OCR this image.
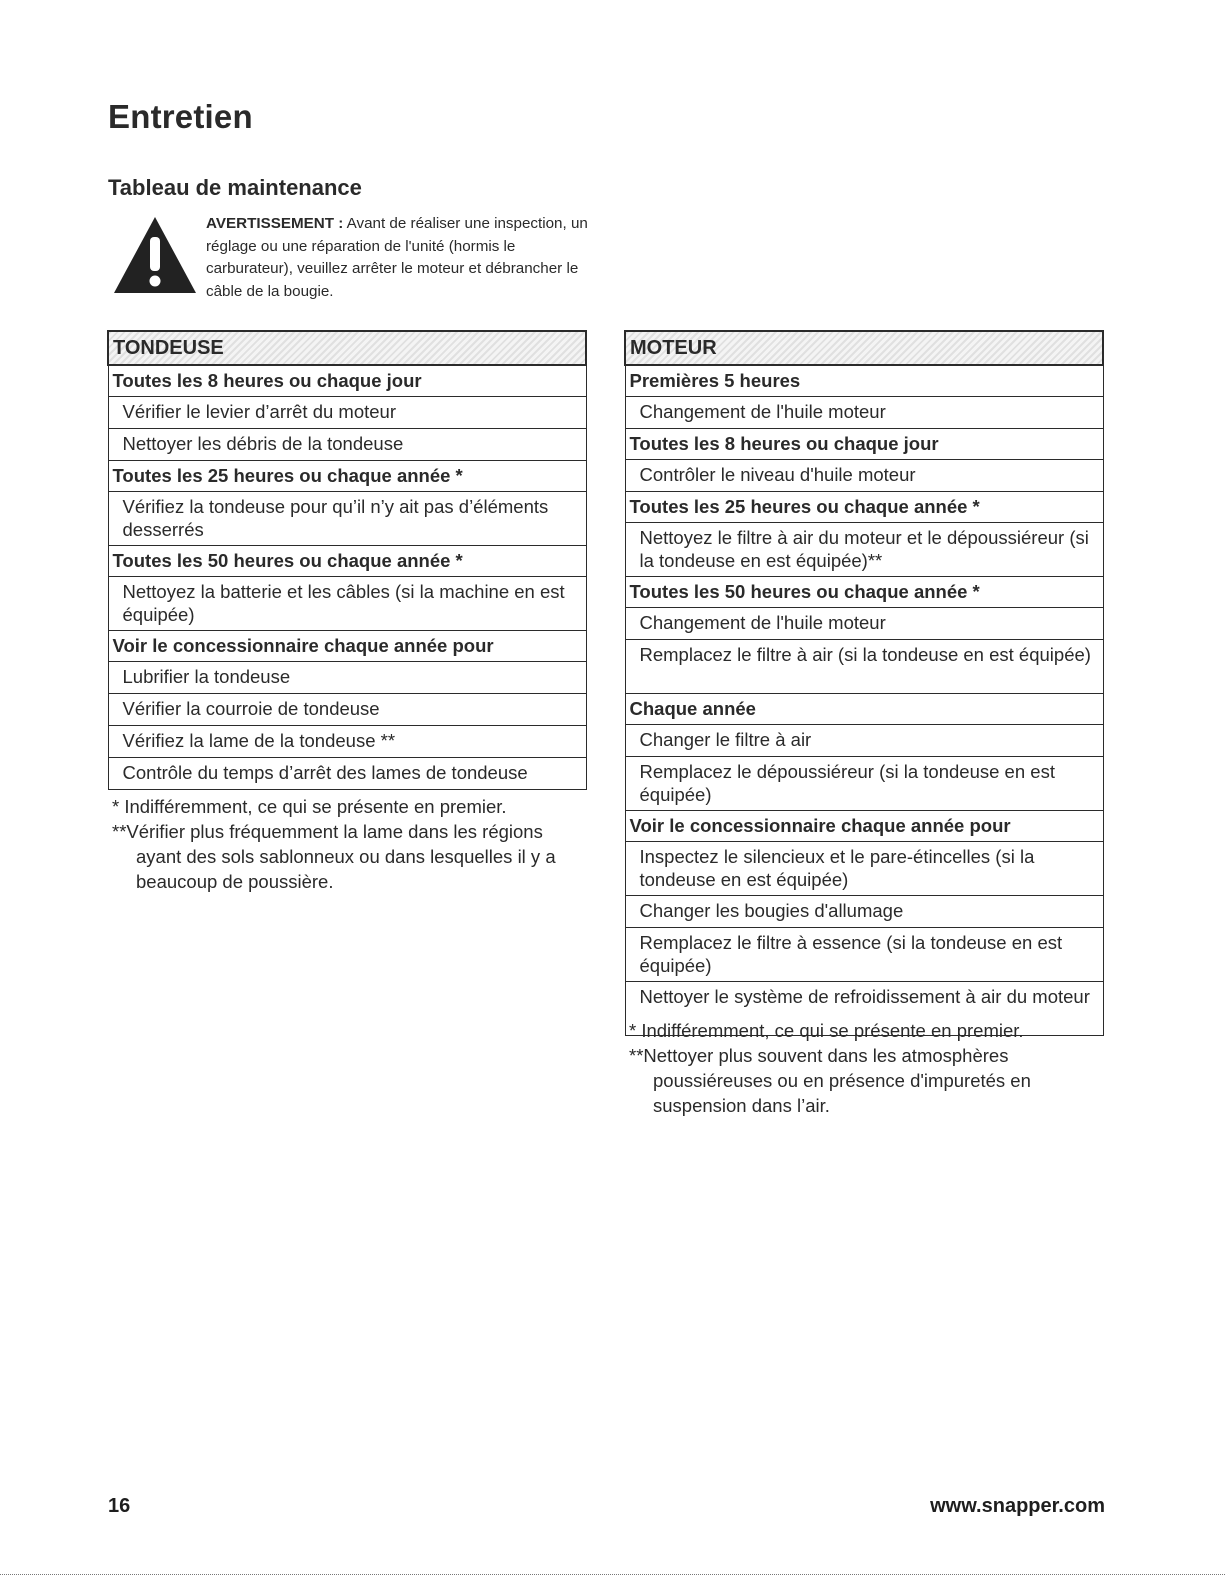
Entretien
Tableau de maintenance
AVERTISSEMENT : Avant de réaliser une inspection, un réglage ou une réparation de l'unité (hormis le carburateur), veuillez arrêter le moteur et débrancher le câble de la bougie.
TONDEUSE
Toutes les 8 heures ou chaque jour
Vérifier le levier d’arrêt du moteur
Nettoyer les débris de la tondeuse
Toutes les 25 heures ou chaque année *
Vérifiez la tondeuse pour qu’il n’y ait pas d’éléments desserrés
Toutes les 50 heures ou chaque année *
Nettoyez la batterie et les câbles (si la machine en est équipée)
Voir le concessionnaire chaque année pour
Lubrifier la tondeuse
Vérifier la courroie de tondeuse
Vérifiez la lame de la tondeuse **
Contrôle du temps d’arrêt des lames de tondeuse

* Indifféremment, ce qui se présente en premier.

**Vérifier plus fréquemment la lame dans les régions

ayant des sols sablonneux ou dans lesquelles il y a

beaucoup de poussière.

MOTEUR
Premières 5 heures
Changement de l'huile moteur
Toutes les 8 heures ou chaque jour
Contrôler le niveau d'huile moteur
Toutes les 25 heures ou chaque année *
Nettoyez le filtre à air du moteur et le dépoussiéreur (si la tondeuse en est équipée)**
Toutes les 50 heures ou chaque année *
Changement de l'huile moteur
Remplacez le filtre à air (si la tondeuse en est équipée)
Chaque année
Changer le filtre à air
Remplacez le dépoussiéreur (si la tondeuse en est équipée)
Voir le concessionnaire chaque année pour
Inspectez le silencieux et le pare-étincelles (si la tondeuse en est équipée)
Changer les bougies d'allumage
Remplacez le filtre à essence (si la tondeuse en est équipée)
Nettoyer le système de refroidissement à air du moteur

* Indifféremment, ce qui se présente en premier.

**Nettoyer plus souvent dans les atmosphères

poussiéreuses ou en présence d'impuretés en

suspension dans l’air.

16	www.snapper.com
